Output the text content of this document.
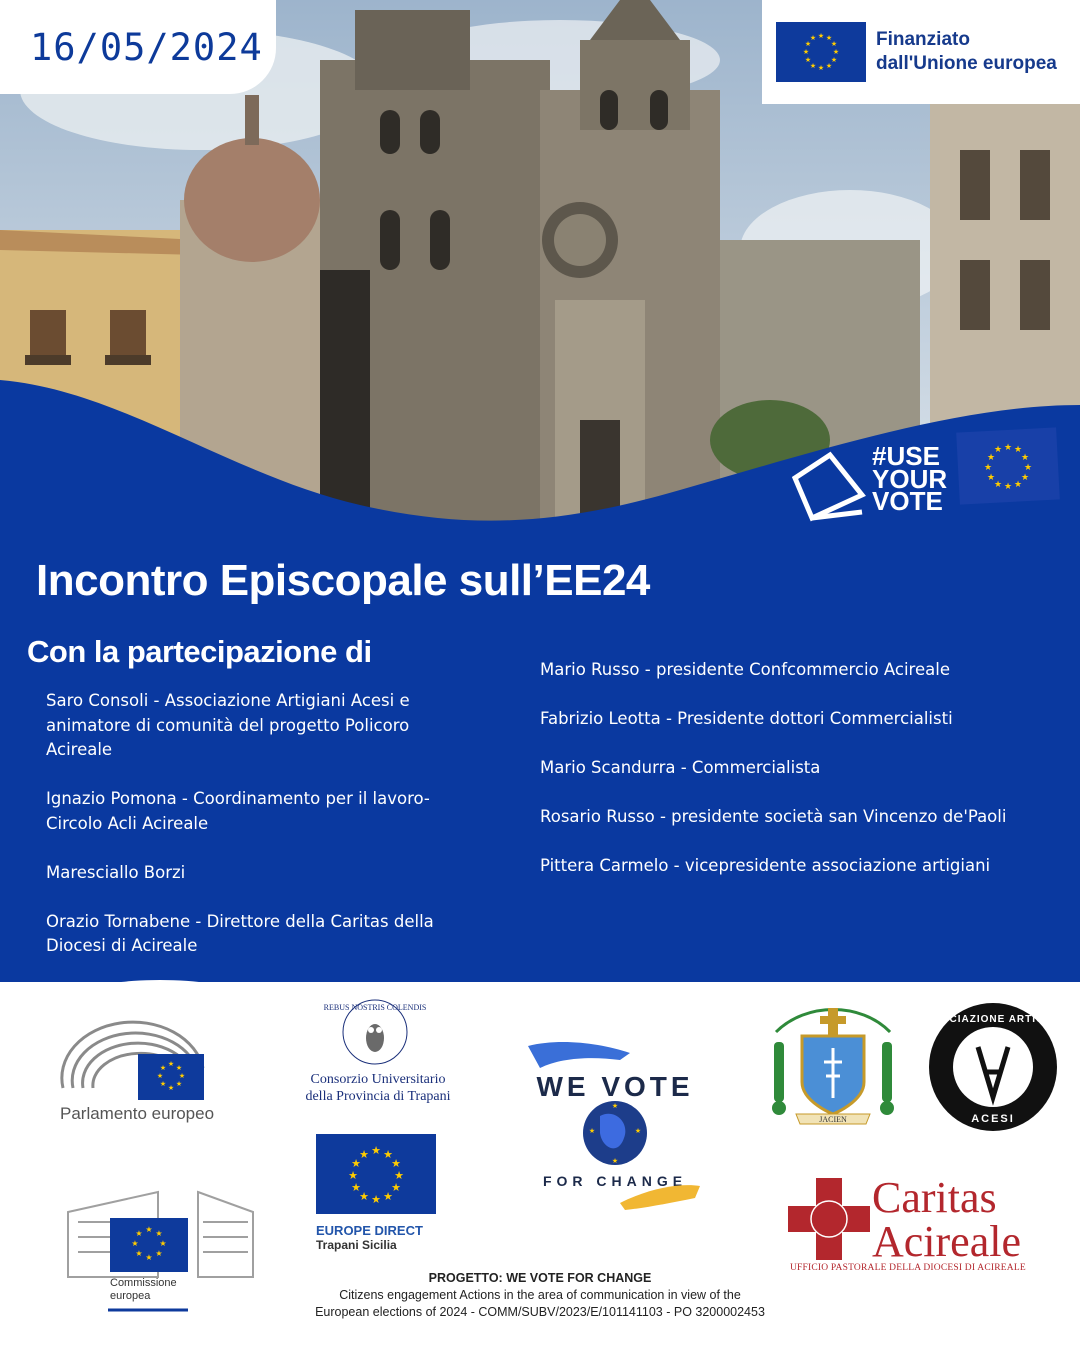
16/05/2024	★ ★
★
★
★
★
★
★
★
★
★
★	Finanziato
dall'Unione europea
#USE
YOUR
VOTE
★ ★
★
★
★
★
★
★
★
★
★
★
Incontro Episcopale sull’EE24
Con la partecipazione di

Saro Consoli - Associazione Artigiani Acesi e animatore di comunità del progetto Policoro Acireale

Ignazio Pomona - Coordinamento per il lavoro- Circolo Acli Acireale

Maresciallo Borzi

Orazio Tornabene - Direttore della Caritas della Diocesi di Acireale

Mario Russo - presidente Confcommercio Acireale

Fabrizio Leotta - Presidente dottori Commercialisti

Mario Scandurra - Commercialista

Rosario Russo - presidente società san Vincenzo de'Paoli

Pittera Carmelo - vicepresidente associazione artigiani

★ ★
★
★
★
★
★
★
REBUS NOSTRIS COLENDIS
★
★
★
★
WE VOTE
FOR CHANGE
★ ★
★
★
★
★
★
★
★
★
★
★
★ ★
★
★
★
★
★
★
JACIEN
ASSOCIAZIONE ARTIGIANI
ACESI
Parlamento europeo
Consorzio Universitario
della Provincia di Trapani
EUROPE DIRECT
Trapani Sicilia
Commissione
europea
Caritas
Acireale
UFFICIO PASTORALE DELLA DIOCESI DI ACIREALE
PROGETTO: WE VOTE FOR CHANGE
Citizens engagement Actions in the area of communication in view of the
European elections of 2024 - COMM/SUBV/2023/E/101141103 - PO 3200002453
